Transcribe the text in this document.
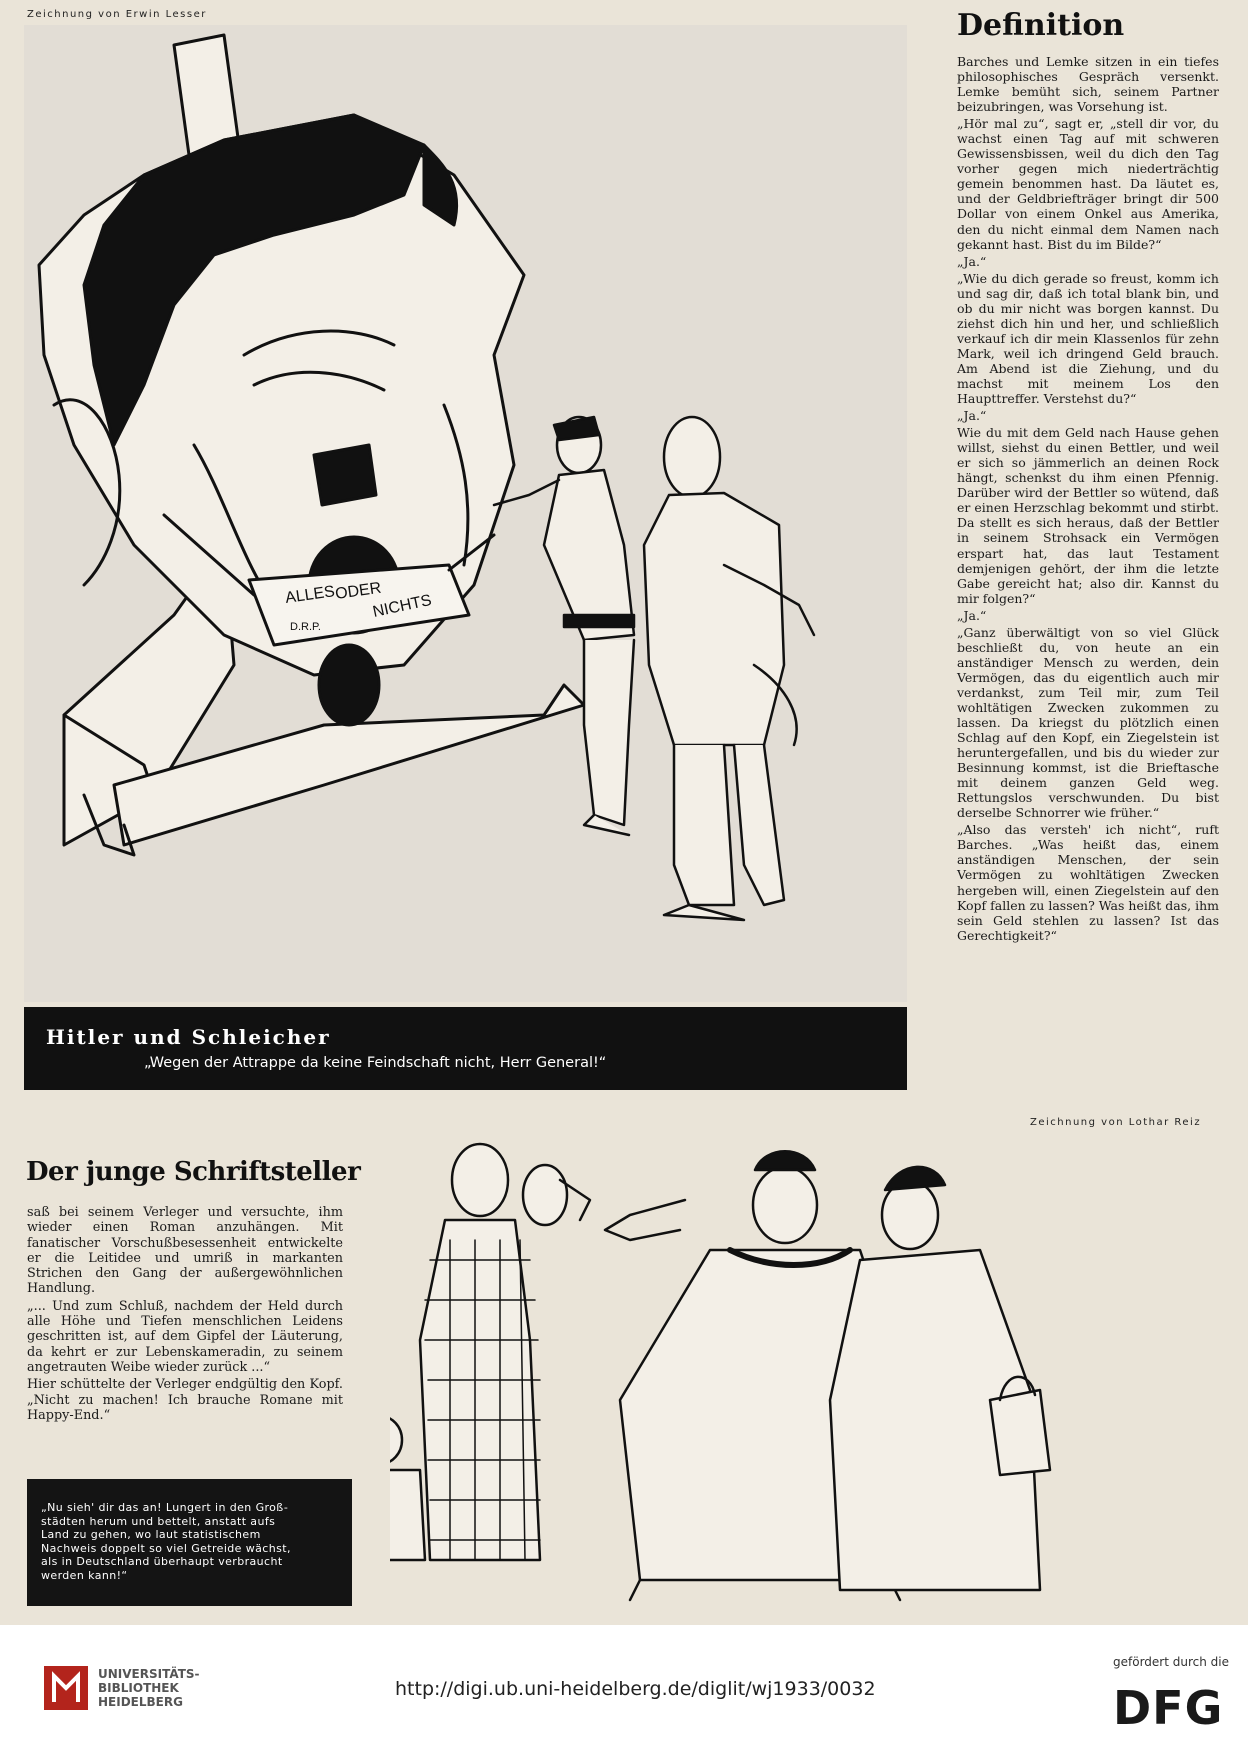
Zeichnung von Erwin Lesser
ALLES
ODER
NICHTS
D.R.P.
Hitler und Schleicher
„Wegen der Attrappe da keine Feindschaft nicht, Herr General!“
Definition

Barches und Lemke sitzen in ein tiefes philosophisches Gespräch versenkt. Lemke bemüht sich, seinem Partner beizubringen, was Vorsehung ist.

„Hör mal zu“, sagt er, „stell dir vor, du wachst einen Tag auf mit schweren Gewissensbissen, weil du dich den Tag vorher gegen mich niederträchtig gemein benommen hast. Da läutet es, und der Geldbriefträger bringt dir 500 Dollar von einem Onkel aus Amerika, den du nicht einmal dem Namen nach gekannt hast. Bist du im Bilde?“

„Ja.“

„Wie du dich gerade so freust, komm ich und sag dir, daß ich total blank bin, und ob du mir nicht was borgen kannst. Du ziehst dich hin und her, und schließlich verkauf ich dir mein Klassenlos für zehn Mark, weil ich dringend Geld brauch. Am Abend ist die Ziehung, und du machst mit meinem Los den Haupttreffer. Verstehst du?“

„Ja.“

Wie du mit dem Geld nach Hause gehen willst, siehst du einen Bettler, und weil er sich so jämmerlich an deinen Rock hängt, schenkst du ihm einen Pfennig. Darüber wird der Bettler so wütend, daß er einen Herzschlag bekommt und stirbt. Da stellt es sich heraus, daß der Bettler in seinem Strohsack ein Vermögen erspart hat, das laut Testament demjenigen gehört, der ihm die letzte Gabe gereicht hat; also dir. Kannst du mir folgen?“

„Ja.“

„Ganz überwältigt von so viel Glück beschließt du, von heute an ein anständiger Mensch zu werden, dein Vermögen, das du eigentlich auch mir verdankst, zum Teil mir, zum Teil wohltätigen Zwecken zukommen zu lassen. Da kriegst du plötzlich einen Schlag auf den Kopf, ein Ziegelstein ist heruntergefallen, und bis du wieder zur Besinnung kommst, ist die Brieftasche mit deinem ganzen Geld weg. Rettungslos verschwunden. Du bist derselbe Schnorrer wie früher.“

„Also das versteh' ich nicht“, ruft Barches. „Was heißt das, einem anständigen Menschen, der sein Vermögen zu wohltätigen Zwecken hergeben will, einen Ziegelstein auf den Kopf fallen zu lassen? Was heißt das, ihm sein Geld stehlen zu lassen? Ist das Gerechtigkeit?“

Zeichnung von Lothar Reiz
Der junge Schriftsteller

saß bei seinem Verleger und versuchte, ihm wieder einen Roman anzuhängen. Mit fanatischer Vorschußbesessenheit entwickelte er die Leitidee und umriß in markanten Strichen den Gang der außergewöhnlichen Handlung.

„... Und zum Schluß, nachdem der Held durch alle Höhe und Tiefen menschlichen Leidens geschritten ist, auf dem Gipfel der Läuterung, da kehrt er zur Lebenskameradin, zu seinem angetrauten Weibe wieder zurück ...“

Hier schüttelte der Verleger endgültig den Kopf. „Nicht zu machen! Ich brauche Romane mit Happy-End.“

„Nu sieh' dir das an! Lungert in den Groß-
städten herum und bettelt, anstatt aufs
Land zu gehen, wo laut statistischem
Nachweis doppelt so viel Getreide wächst,
als in Deutschland überhaupt verbraucht
werden kann!“
UNIVERSITÄTS-
BIBLIOTHEK
HEIDELBERG
http://digi.ub.uni-heidelberg.de/diglit/wj1933/0032
gefördert durch die
DFG
